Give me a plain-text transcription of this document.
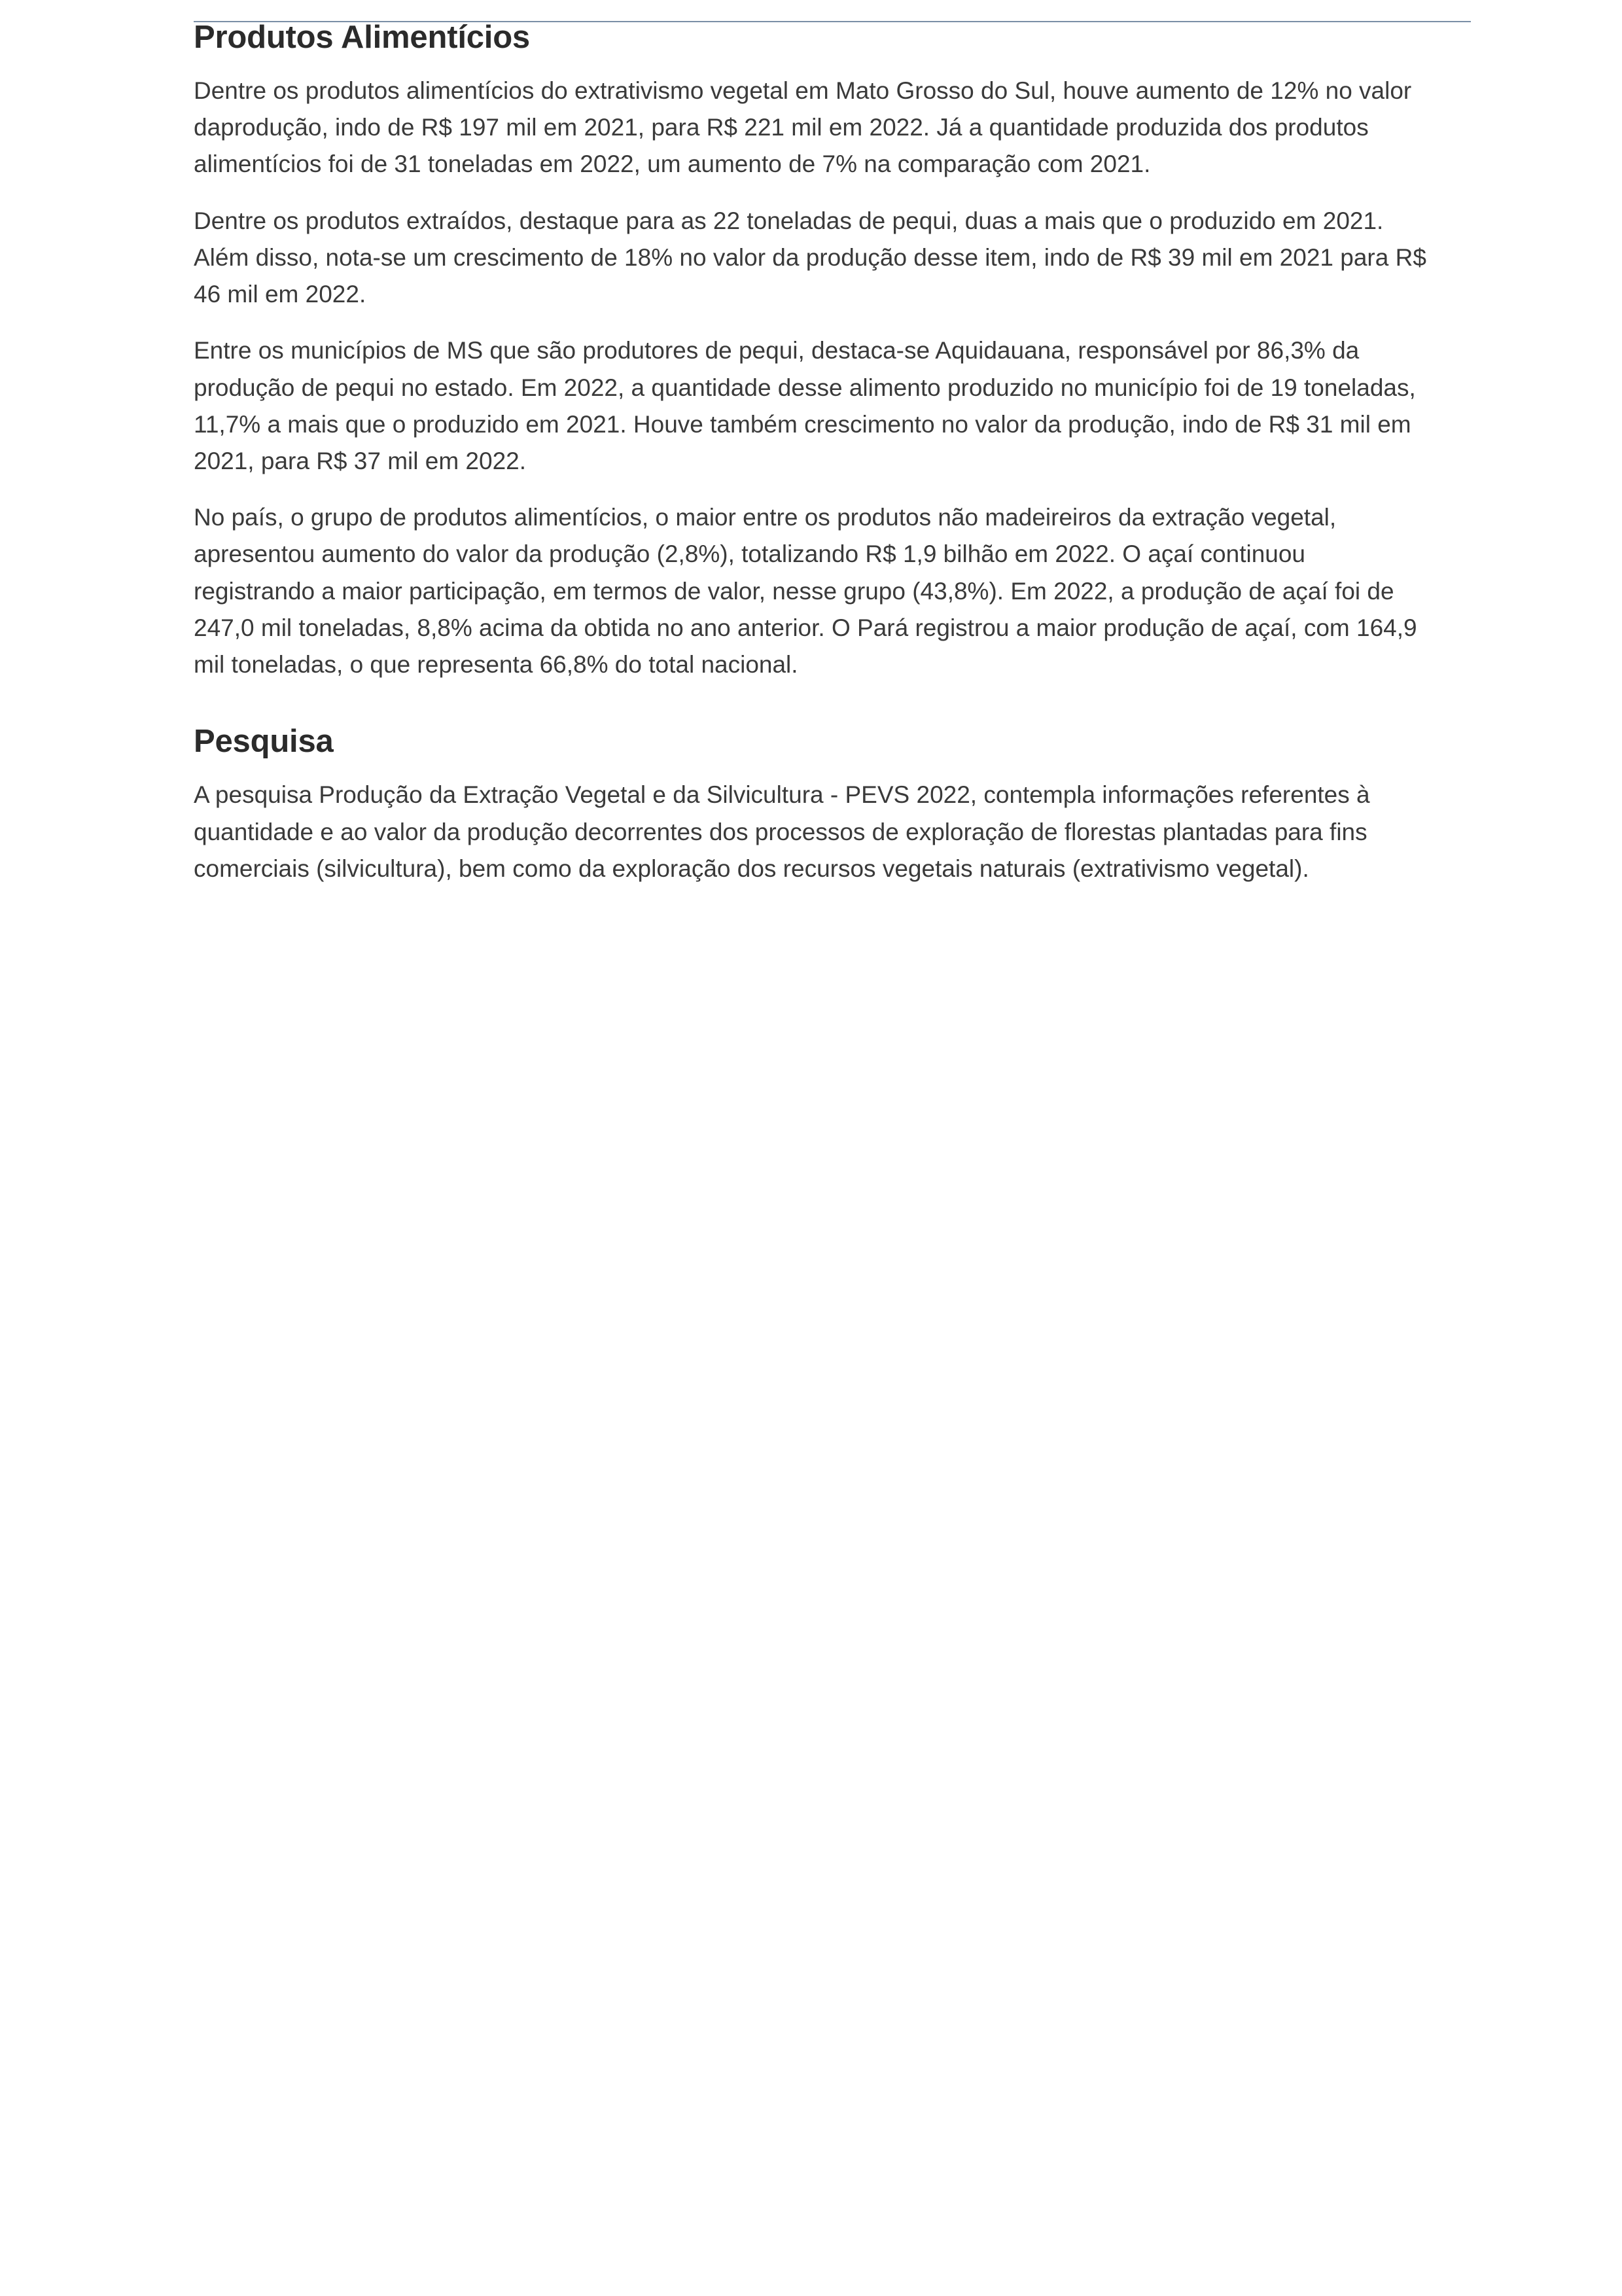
Produtos Alimentícios

Dentre os produtos alimentícios do extrativismo vegetal em Mato Grosso do Sul, houve aumento de 12% no valor daprodução, indo de R$ 197 mil em 2021, para R$ 221 mil em 2022. Já a quantidade produzida dos produtos alimentícios foi de 31 toneladas em 2022, um aumento de 7% na comparação com 2021.

Dentre os produtos extraídos, destaque para as 22 toneladas de pequi, duas a mais que o produzido em 2021. Além disso, nota-se um crescimento de 18% no valor da produção desse item, indo de R$ 39 mil em 2021 para R$ 46 mil em 2022.

Entre os municípios de MS que são produtores de pequi, destaca-se Aquidauana, responsável por 86,3% da produção de pequi no estado. Em 2022, a quantidade desse alimento produzido no município foi de 19 toneladas, 11,7% a mais que o produzido em 2021. Houve também crescimento no valor da produção, indo de R$ 31 mil em 2021, para R$ 37 mil em 2022.

No país, o grupo de produtos alimentícios, o maior entre os produtos não madeireiros da extração vegetal, apresentou aumento do valor da produção (2,8%), totalizando R$ 1,9 bilhão em 2022. O açaí continuou registrando a maior participação, em termos de valor, nesse grupo (43,8%). Em 2022, a produção de açaí foi de 247,0 mil toneladas, 8,8% acima da obtida no ano anterior. O Pará registrou a maior produção de açaí, com 164,9 mil toneladas, o que representa 66,8% do total nacional.

Pesquisa

A pesquisa Produção da Extração Vegetal e da Silvicultura - PEVS 2022, contempla informações referentes à quantidade e ao valor da produção decorrentes dos processos de exploração de florestas plantadas para fins comerciais (silvicultura), bem como da exploração dos recursos vegetais naturais (extrativismo vegetal).
